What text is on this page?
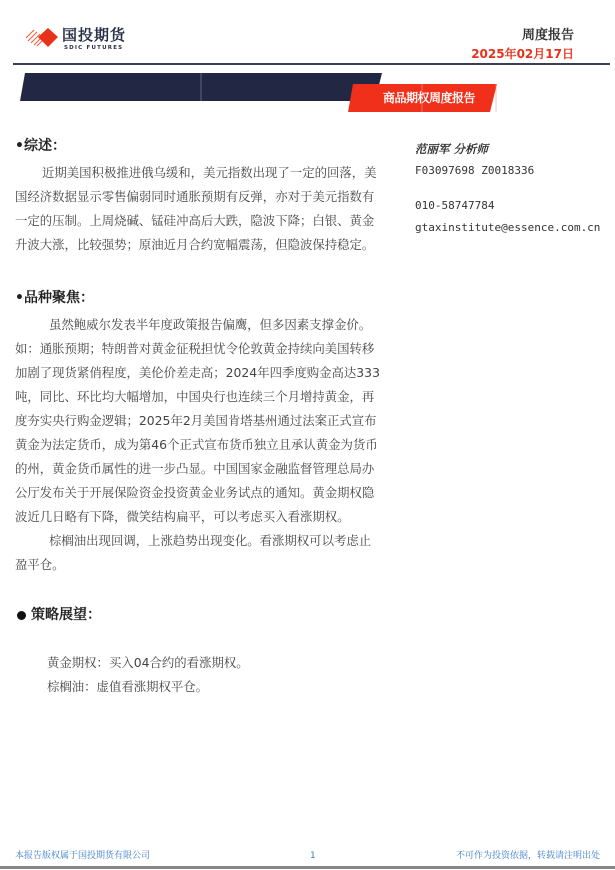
国投期货
SDIC FUTURES
周度报告
2025年02月17日
商品期权周度报告
•综述：
近期美国积极推进俄乌缓和，美元指数出现了一定的回落，美
国经济数据显示零售偏弱同时通胀预期有反弹，亦对于美元指数有
一定的压制。上周烧碱、锰硅冲高后大跌，隐波下降；白银、黄金
升波大涨，比较强势；原油近月合约宽幅震荡，但隐波保持稳定。
范丽军 分析师
F03097698 Z0018336
010-58747784
gtaxinstitute@essence.com.cn
•品种聚焦：
虽然鲍威尔发表半年度政策报告偏鹰，但多因素支撑金价。
如：通胀预期；特朗普对黄金征税担忧令伦敦黄金持续向美国转移
加剧了现货紧俏程度，美伦价差走高；2024年四季度购金高达333
吨，同比、环比均大幅增加，中国央行也连续三个月增持黄金，再
度夯实央行购金逻辑；2025年2月美国肯塔基州通过法案正式宣布
黄金为法定货币，成为第46个正式宣布货币独立且承认黄金为货币
的州，黄金货币属性的进一步凸显。中国国家金融监督管理总局办
公厅发布关于开展保险资金投资黄金业务试点的通知。黄金期权隐
波近几日略有下降，微笑结构扁平，可以考虑买入看涨期权。
棕榈油出现回调，上涨趋势出现变化。看涨期权可以考虑止
盈平仓。
策略展望：
黄金期权：买入04合约的看涨期权。
棕榈油：虚值看涨期权平仓。
本报告版权属于国投期货有限公司	1	不可作为投资依据，转载请注明出处
